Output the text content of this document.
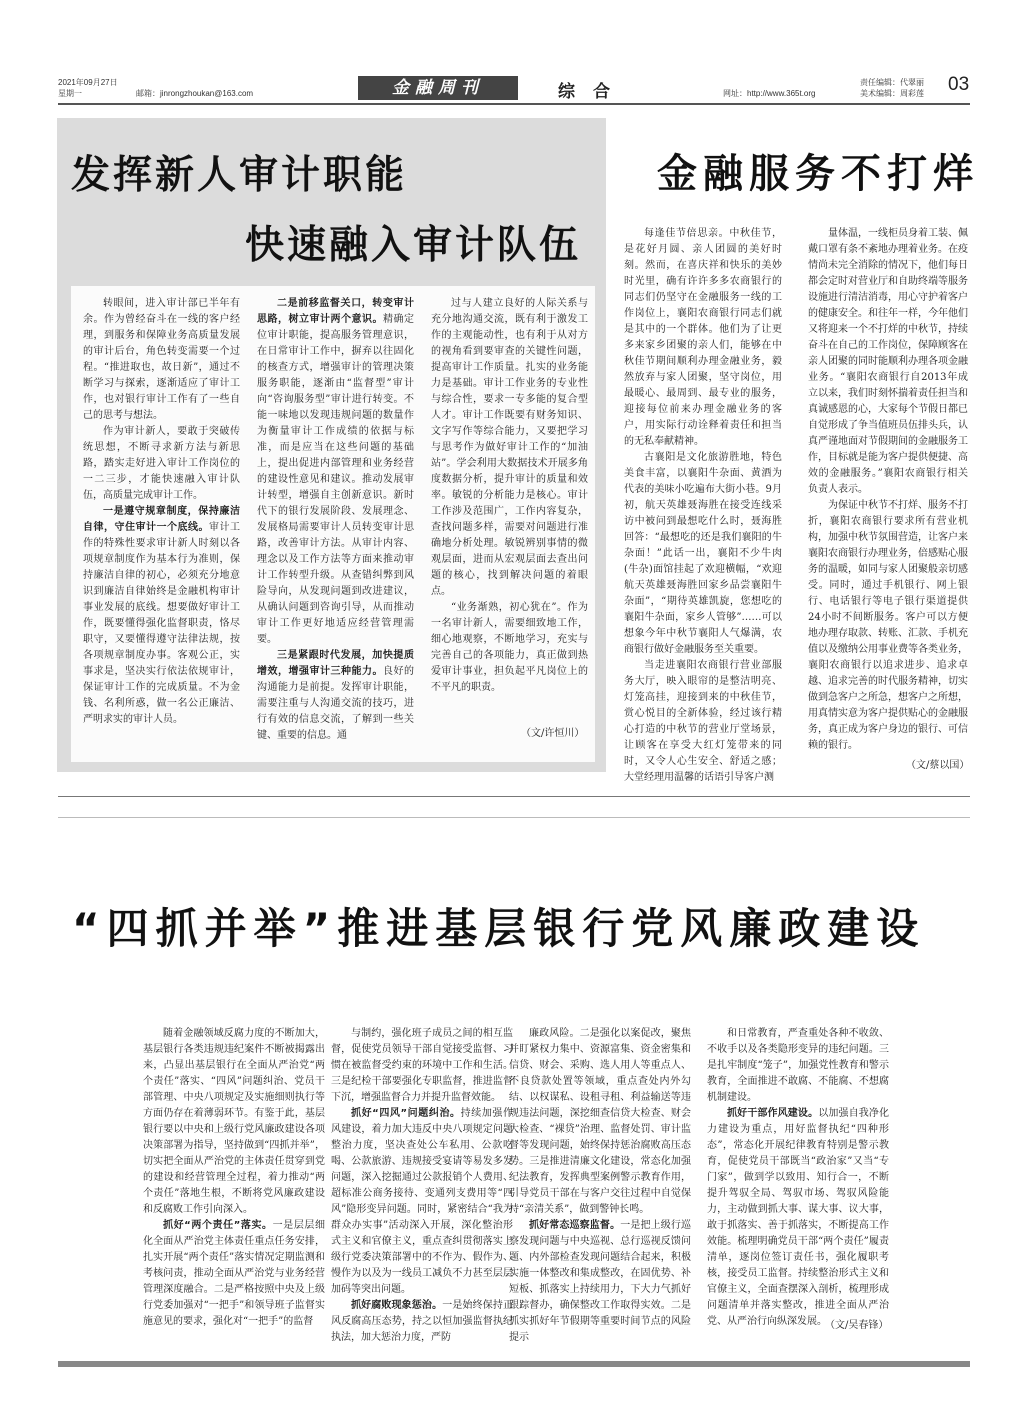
2021年09月27日
星期一	邮箱：jinrongzhoukan@163.com	金融周刊	综合	网址：http://www.365t.org
责任编辑：代翠丽
美术编辑：周彩莲 03
发挥新人审计职能
快速融入审计队伍

转眼间，进入审计部已半年有余。作为曾经奋斗在一线的客户经理，到服务和保障业务高质量发展的审计后台，角色转变需要一个过程。“推进取也，故日新”，通过不断学习与探索，逐渐适应了审计工作，也对银行审计工作有了一些自己的思考与想法。

作为审计新人，要敢于突破传统思想，不断寻求新方法与新思路，踏实走好进入审计工作岗位的一二三步，才能快速融入审计队伍，高质量完成审计工作。

一是遵守规章制度，保持廉洁自律，守住审计一个底线。审计工作的特殊性要求审计新人时刻以各项规章制度作为基本行为准则，保持廉洁自律的初心，必须充分地意识到廉洁自律始终是金融机构审计事业发展的底线。想要做好审计工作，既要懂得强化监督职责，恪尽职守，又要懂得遵守法律法规，按各项规章制度办事。客观公正，实事求是，坚决实行依法依规审计，保证审计工作的完成质量。不为金钱、名利所惑，做一名公正廉洁、严明求实的审计人员。

二是前移监督关口，转变审计思路，树立审计两个意识。精确定位审计职能，提高服务管理意识，在日常审计工作中，摒弃以往固化的核查方式，增强审计的管理决策服务职能，逐渐由“监督型”审计向“咨询服务型”审计进行转变。不能一味地以发现违规问题的数量作为衡量审计工作成绩的依据与标准，而是应当在这些问题的基础上，提出促进内部管理和业务经营的建设性意见和建议。推动发展审计转型，增强自主创新意识。新时代下的银行发展阶段、发展理念、发展格局需要审计人员转变审计思路，改善审计方法。从审计内容、理念以及工作方法等方面来推动审计工作转型升级。从查错纠弊到风险导向，从发现问题到改进建议，从确认问题到咨询引导，从而推动审计工作更好地适应经营管理需要。

三是紧跟时代发展，加快提质增效，增强审计三种能力。良好的沟通能力是前提。发挥审计职能，需要注重与人沟通交流的技巧，进行有效的信息交流，了解到一些关键、重要的信息。通

过与人建立良好的人际关系与充分地沟通交流，既有利于激发工作的主观能动性，也有利于从对方的视角看到要审查的关键性问题，提高审计工作质量。扎实的业务能力是基础。审计工作业务的专业性与综合性，要求一专多能的复合型人才。审计工作既要有财务知识、文字写作等综合能力，又要把学习与思考作为做好审计工作的“加油站”。学会利用大数据技术开展多角度数据分析，提升审计的质量和效率。敏锐的分析能力是核心。审计工作涉及范围广，工作内容复杂，查找问题多样，需要对问题进行准确地分析处理。敏锐辨别事情的微观层面，进而从宏观层面去查出问题的核心，找到解决问题的着眼点。

“业务渐熟，初心犹在”。作为一名审计新人，需要细致地工作，细心地观察，不断地学习，充实与完善自己的各项能力，真正做到热爱审计事业，担负起平凡岗位上的不平凡的职责。

（文/许恒川）
金融服务不打烊

每逢佳节倍思亲。中秋佳节，是花好月圆、亲人团圆的美好时刻。然而，在喜庆祥和快乐的美妙时光里，确有许许多多农商银行的同志们仍坚守在金融服务一线的工作岗位上，襄阳农商银行同志们就是其中的一个群体。他们为了让更多来家乡团聚的亲人们，能够在中秋佳节期间顺利办理金融业务，毅然放弃与家人团聚，坚守岗位，用最暖心、最周到、最专业的服务，迎接每位前来办理金融业务的客户，用实际行动诠释着责任和担当的无私奉献精神。

古襄阳是文化旅游胜地，特色美食丰富，以襄阳牛杂面、黄酒为代表的美味小吃遍布大街小巷。9月初，航天英雄聂海胜在接受连线采访中被问到最想吃什么时，聂海胜回答：“最想吃的还是我们襄阳的牛杂面！”此话一出，襄阳不少牛肉(牛杂)面馆挂起了欢迎横幅，“欢迎航天英雄聂海胜回家乡品尝襄阳牛杂面”，“期待英雄凯旋，您想吃的襄阳牛杂面，家乡人管够”……可以想象今年中秋节襄阳人气爆满，农商银行做好金融服务至关重要。

当走进襄阳农商银行营业部服务大厅，映入眼帘的是整洁明亮、灯笼高挂，迎接到来的中秋佳节，赏心悦目的全新体验，经过该行精心打造的中秋节的营业厅堂场景，让顾客在享受大红灯笼带来的同时，又令人心生安全、舒适之感；大堂经理用温馨的话语引导客户测

量体温，一线柜员身着工装、佩戴口罩有条不紊地办理着业务。在疫情尚未完全消除的情况下，他们每日都会定时对营业厅和自助终端等服务设施进行清洁消毒，用心守护着客户的健康安全。和往年一样，今年他们又将迎来一个不打烊的中秋节，持续奋斗在自己的工作岗位，保障顾客在亲人团聚的同时能顺利办理各项金融业务。“襄阳农商银行自2013年成立以来，我们时刻怀揣着责任担当和真诚感恩的心，大家每个节假日都已自觉形成了争当值班员伍排头兵，认真严谨地面对节假期间的金融服务工作，目标就是能为客户提供便捷、高效的金融服务。”襄阳农商银行相关负责人表示。

为保证中秋节不打烊、服务不打折，襄阳农商银行要求所有营业机构，加强中秋节氛围营造，让客户来襄阳农商银行办理业务，倍感贴心服务的温暖，如同与家人团聚般亲切感受。同时，通过手机银行、网上银行、电话银行等电子银行渠道提供24小时不间断服务。客户可以方便地办理存取款、转账、汇款、手机充值以及缴纳公用事业费等各类业务，襄阳农商银行以追求进步、追求卓越、追求完善的时代服务精神，切实做到急客户之所急，想客户之所想，用真情实意为客户提供贴心的金融服务，真正成为客户身边的银行、可信赖的银行。

（文/蔡以国）
“四抓并举”推进基层银行党风廉政建设

随着金融领域反腐力度的不断加大，基层银行各类违规违纪案件不断被揭露出来，凸显出基层银行在全面从严治党“两个责任”落实、“四风”问题纠治、党员干部管理、中央八项规定及实施细则执行等方面仍存在着薄弱环节。有鉴于此，基层银行要以中央和上级行党风廉政建设各项决策部署为指导，坚持做到“四抓并举”，切实把全面从严治党的主体责任贯穿到党的建设和经营管理全过程，着力推动“两个责任”落地生根，不断将党风廉政建设和反腐败工作引向深入。

抓好“两个责任”落实。一是层层细化全面从严治党主体责任重点任务安排，扎实开展“两个责任”落实情况定期监测和考核问责，推动全面从严治党与业务经营管理深度融合。二是严格按照中央及上级行党委加强对“一把手”和领导班子监督实施意见的要求，强化对“一把手”的监督

与制约，强化班子成员之间的相互监督，促使党员领导干部自觉接受监督、习惯在被监督受约束的环境中工作和生活。三是纪检干部要强化专职监督，推进监督下沉，增强监督合力并提升监督效能。

抓好“四风”问题纠治。持续加强作风建设，着力加大违反中央八项规定问题整治力度，坚决查处公车私用、公款吃喝、公款旅游、违规接受宴请等易发多发问题，深入挖掘通过公款报销个人费用、超标准公商务接待、变通列支费用等“四风”隐形变异问题。同时，紧密结合“我为群众办实事”活动深入开展，深化整治形式主义和官僚主义，重点查纠贯彻落实上级行党委决策部署中的不作为、假作为、慢作为以及为一线员工减负不力甚至层层加码等突出问题。

抓好腐败现象惩治。一是始终保持正风反腐高压态势，持之以恒加强监督执纪执法，加大惩治力度，严防

廉政风险。二是强化以案促改，聚焦并盯紧权力集中、资源富集、资金密集和信贷、财会、采购、选人用人等重点人、不良贷款处置等领域，重点查处内外勾结、以权谋私、设租寻租、利益输送等违规违法问题，深挖细查信贷大检查、财会大检查、“裸贷”治理、监督处罚、审计监督等发现问题，始终保持惩治腐败高压态势。三是推进清廉文化建设，常态化加强纪法教育，发挥典型案例警示教育作用，引导党员干部在与客户交往过程中自觉保持“亲清关系”，做到警钟长鸣。

抓好常态巡察监督。一是把上级行巡察发现问题与中央巡视、总行巡视反馈问题、内外部检查发现问题结合起来，积极实施一体整改和集成整改，在固优势、补短板、抓落实上持续用力，下大力气抓好跟踪督办，确保整改工作取得实效。二是抓实抓好年节假期等重要时间节点的风险提示

和日常教育，严查重处各种不收敛、不收手以及各类隐形变异的违纪问题。三是扎牢制度“笼子”，加强党性教育和警示教育，全面推进不敢腐、不能腐、不想腐机制建设。

抓好干部作风建设。以加强自我净化力建设为重点，用好监督执纪“四种形态”，常态化开展纪律教育特别是警示教育，促使党员干部既当“政治家”又当“专门家”，做到学以致用、知行合一，不断提升驾驭全局、驾驭市场、驾驭风险能力，主动做到抓大事、谋大事、议大事，敢于抓落实、善于抓落实，不断提高工作效能。梳理明确党员干部“两个责任”履责清单，逐岗位签订责任书，强化履职考核，接受员工监督。持续整治形式主义和官僚主义，全面查摆深入剖析，梳理形成问题清单并落实整改，推进全面从严治党、从严治行向纵深发展。

（文/吴春锋）
